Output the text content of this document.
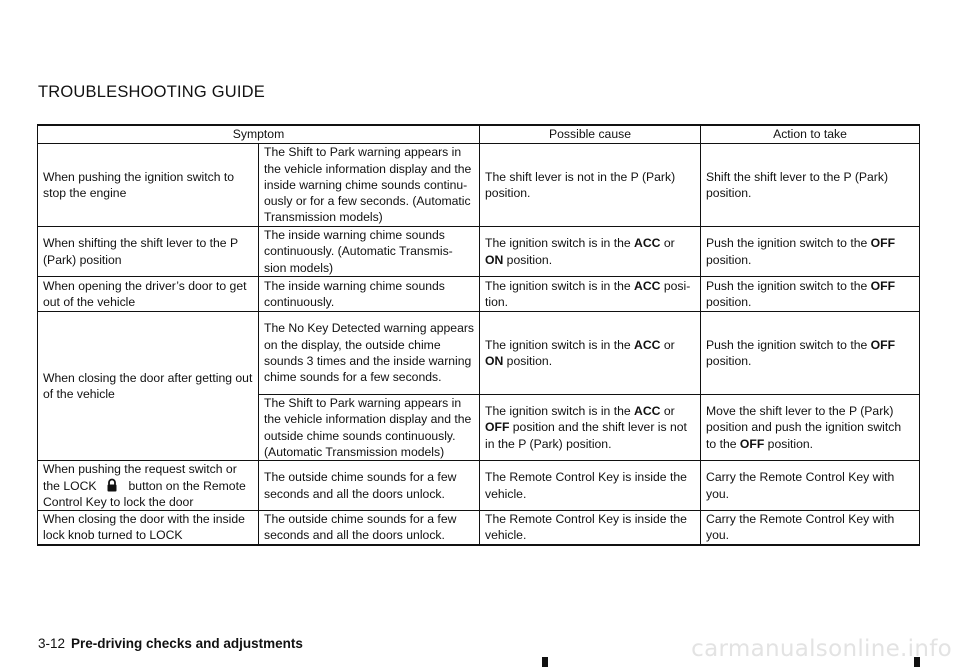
TROUBLESHOOTING GUIDE
Symptom		Possible cause	Action to take
When pushing the ignition switch to stop the engine	The Shift to Park warning appears in the vehicle information display and the inside warning chime sounds continu-ously or for a few seconds. (Automatic Transmission models)	The shift lever is not in the P (Park) position.	Shift the shift lever to the P (Park) position.
When shifting the shift lever to the P (Park) position	The inside warning chime sounds continuously. (Automatic Transmis-sion models)	The ignition switch is in the ACC or ON position.	Push the ignition switch to the OFF position.
When opening the driver’s door to get out of the vehicle	The inside warning chime sounds continuously.	The ignition switch is in the ACC posi-tion.	Push the ignition switch to the OFF position.
When closing the door after getting out of the vehicle	The No Key Detected warning appears on the display, the outside chime sounds 3 times and the inside warning chime sounds for a few seconds.	The ignition switch is in the ACC or ON position.	Push the ignition switch to the OFF position.
	The Shift to Park warning appears in the vehicle information display and the outside chime sounds continuously. (Automatic Transmission models)	The ignition switch is in the ACC or OFF position and the shift lever is not in the P (Park) position.	Move the shift lever to the P (Park) position and push the ignition switch to the OFF position.
When pushing the request switch or the LOCK button on the Remote Control Key to lock the door	The outside chime sounds for a few seconds and all the doors unlock.	The Remote Control Key is inside the vehicle.	Carry the Remote Control Key with you.
When closing the door with the inside lock knob turned to LOCK	The outside chime sounds for a few seconds and all the doors unlock.	The Remote Control Key is inside the vehicle.	Carry the Remote Control Key with you.
3-12 Pre-driving checks and adjustments	carmanualsonline.info
